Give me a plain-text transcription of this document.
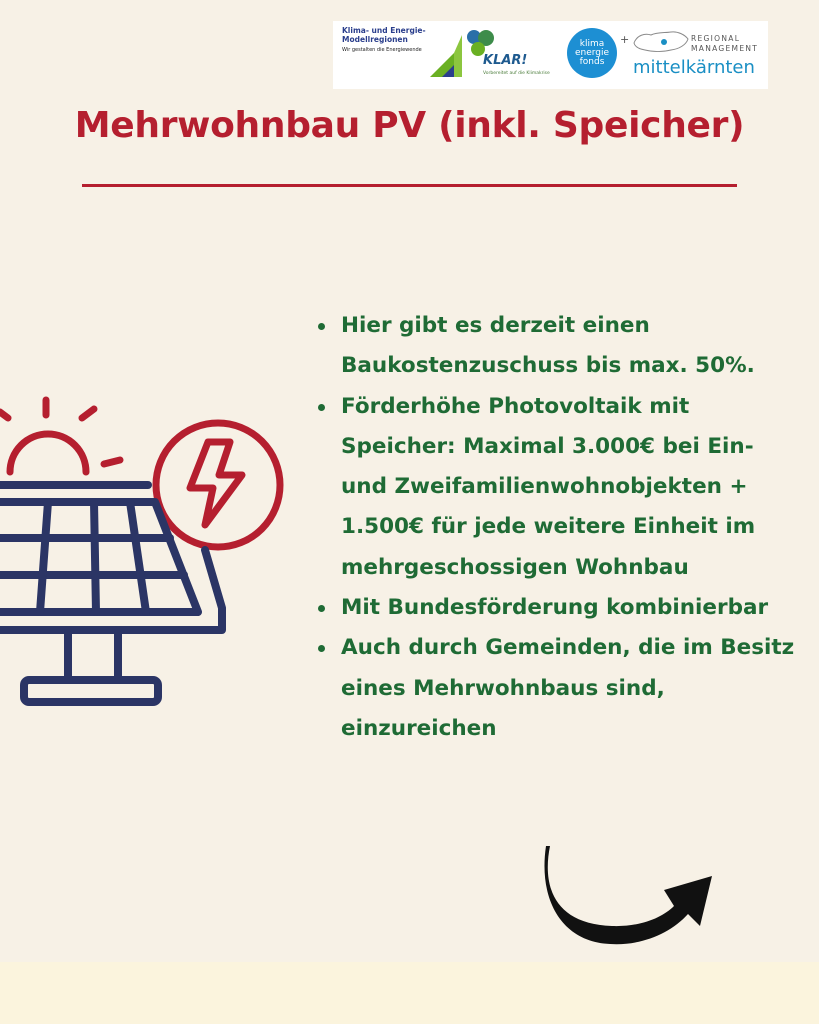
Klima- und Energie-
Modellregionen
Wir gestalten die Energiewende
KLAR!
Vorbereitet auf die Klimakrise
klima
energie
fonds
+	REGIONAL
MANAGEMENT
mittelkärnten
Mehrwohnbau PV (inkl. Speicher)
Hier gibt es derzeit einen Baukostenzuschuss bis max. 50%.
Förderhöhe Photovoltaik mit Speicher: Maximal 3.000€ bei Ein- und Zweifamilienwohnobjekten + 1.500€ für jede weitere Einheit im mehrgeschossigen Wohnbau
Mit Bundesförderung kombinierbar
Auch durch Gemeinden, die im Besitz eines Mehrwohnbaus sind, einzureichen
